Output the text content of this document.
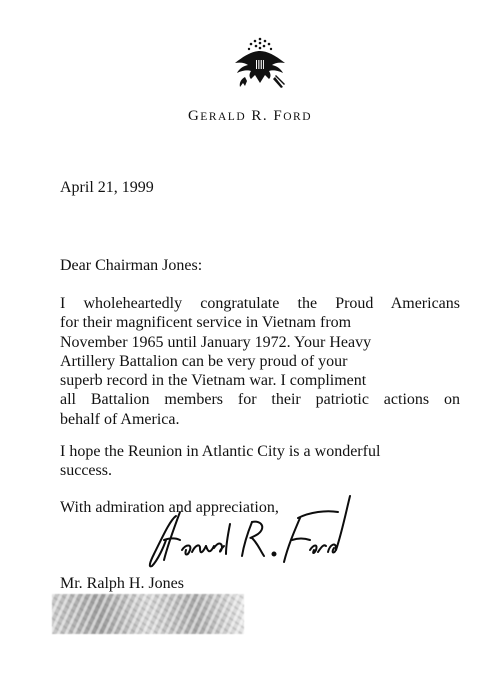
GERALD R. FORD
April 21, 1999
Dear Chairman Jones:
I wholeheartedly congratulate the Proud Americans
for their magnificent service in Vietnam from
November 1965 until January 1972. Your Heavy
Artillery Battalion can be very proud of your
superb record in the Vietnam war. I compliment
all Battalion members for their patriotic actions on
behalf of America.
I hope the Reunion in Atlantic City is a wonderful
success.
With admiration and appreciation,
Mr. Ralph H. Jones
